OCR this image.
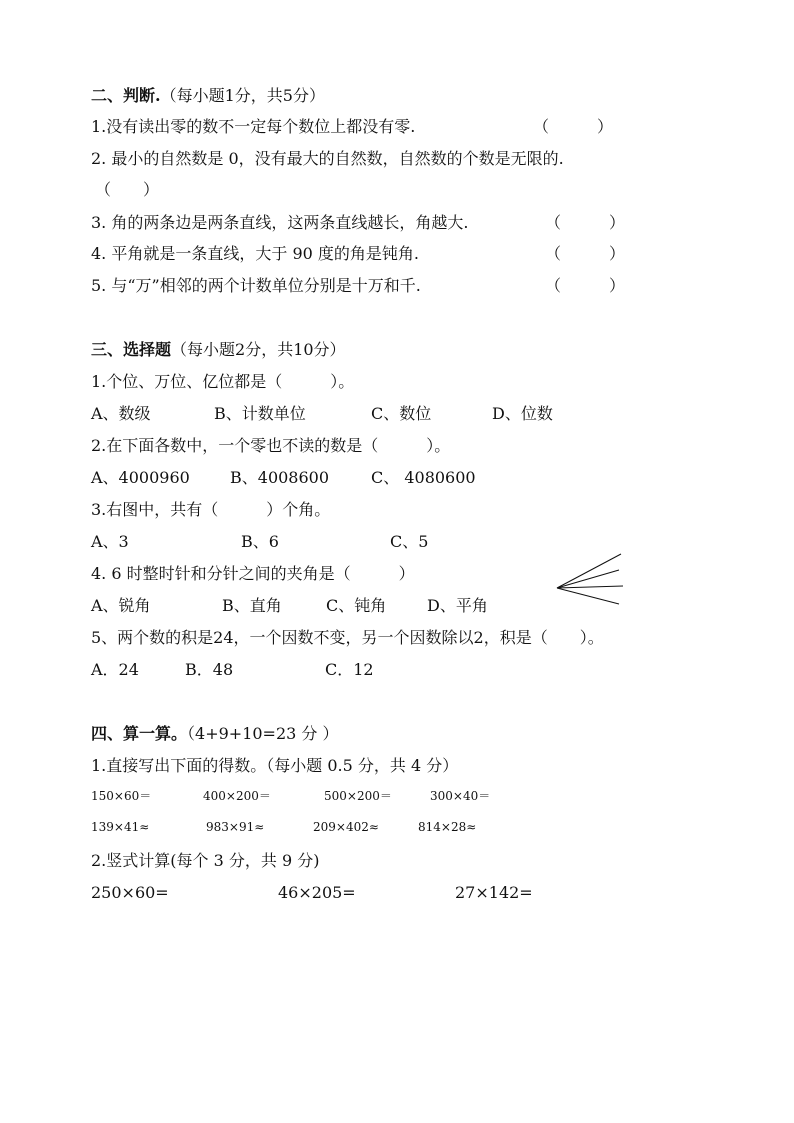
二、判断.（每小题1分，共5分）
1.没有读出零的数不一定每个数位上都没有零.	（　　　）
2. 最小的自然数是 0，没有最大的自然数，自然数的个数是无限的.
（　　）
3. 角的两条边是两条直线，这两条直线越长，角越大.	（　　　）
4. 平角就是一条直线，大于 90 度的角是钝角.	（　　　）
5. 与“万”相邻的两个计数单位分别是十万和千.	（　　　）
三、选择题（每小题2分，共10分）
1.个位、万位、亿位都是（　　　）。
A、数级	B、计数单位	C、数位	D、位数
2.在下面各数中，一个零也不读的数是（　　　）。
A、4000960	B、4008600	C、 4080600
3.右图中，共有（　　　）个角。
A、3	B、6	C、5
4. 6 时整时针和分针之间的夹角是（　　　）
A、锐角	B、直角	C、钝角	D、平角
5、两个数的积是24，一个因数不变，另一个因数除以2，积是（　　）。
A．24	B．48	C．12
四、算一算。（4+9+10=23 分 ）
1.直接写出下面的得数。（每小题 0.5 分，共 4 分）
150×60＝	400×200＝	500×200＝	300×40＝
139×41≈	983×91≈	209×402≈	814×28≈
2.竖式计算(每个 3 分，共 9 分)
250×60=	46×205=	27×142=
